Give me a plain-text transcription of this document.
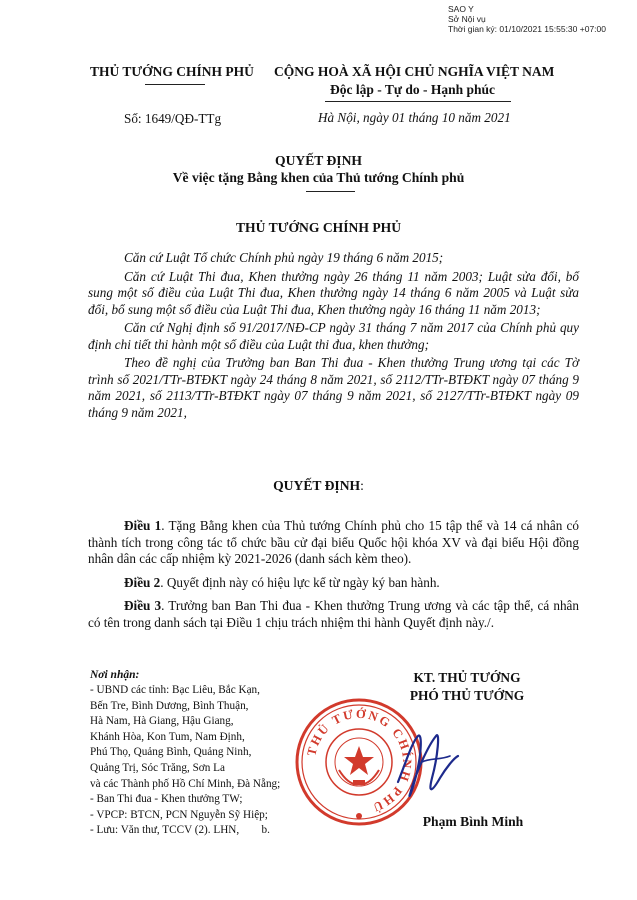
SAO Y
Sở Nội vụ
Thời gian ký: 01/10/2021 15:55:30 +07:00
THỦ TƯỚNG CHÍNH PHỦ CỘNG HOÀ XÃ HỘI CHỦ NGHĨA VIỆT NAM
Độc lập - Tự do - Hạnh phúc
Số: 1649/QĐ-TTg	Hà Nội, ngày 01 tháng 10 năm 2021
QUYẾT ĐỊNH
Về việc tặng Bằng khen của Thủ tướng Chính phủ
THỦ TƯỚNG CHÍNH PHỦ
Căn cứ Luật Tổ chức Chính phủ ngày 19 tháng 6 năm 2015;
Căn cứ Luật Thi đua, Khen thưởng ngày 26 tháng 11 năm 2003; Luật sửa đổi, bổ sung một số điều của Luật Thi đua, Khen thưởng ngày 14 tháng 6 năm 2005 và Luật sửa đổi, bổ sung một số điều của Luật Thi đua, Khen thưởng ngày 16 tháng 11 năm 2013;
Căn cứ Nghị định số 91/2017/NĐ-CP ngày 31 tháng 7 năm 2017 của Chính phủ quy định chi tiết thi hành một số điều của Luật thi đua, khen thưởng;
Theo đề nghị của Trưởng ban Ban Thi đua - Khen thưởng Trung ương tại các Tờ trình số 2021/TTr-BTĐKT ngày 24 tháng 8 năm 2021, số 2112/TTr-BTĐKT ngày 07 tháng 9 năm 2021, số 2113/TTr-BTĐKT ngày 07 tháng 9 năm 2021, số 2127/TTr-BTĐKT ngày 09 tháng 9 năm 2021,
QUYẾT ĐỊNH:
Điều 1. Tặng Bằng khen của Thủ tướng Chính phủ cho 15 tập thể và 14 cá nhân có thành tích trong công tác tổ chức bầu cử đại biểu Quốc hội khóa XV và đại biểu Hội đồng nhân dân các cấp nhiệm kỳ 2021-2026 (danh sách kèm theo).
Điều 2. Quyết định này có hiệu lực kể từ ngày ký ban hành.
Điều 3. Trưởng ban Ban Thi đua - Khen thưởng Trung ương và các tập thể, cá nhân có tên trong danh sách tại Điều 1 chịu trách nhiệm thi hành Quyết định này./.
Nơi nhận:
- UBND các tỉnh: Bạc Liêu, Bắc Kạn,
Bến Tre, Bình Dương, Bình Thuận,
Hà Nam, Hà Giang, Hậu Giang,
Khánh Hòa, Kon Tum, Nam Định,
Phú Thọ, Quảng Bình, Quảng Ninh,
Quảng Trị, Sóc Trăng, Sơn La
và các Thành phố Hồ Chí Minh, Đà Nẵng;
- Ban Thi đua - Khen thưởng TW;
- VPCP: BTCN, PCN Nguyễn Sỹ Hiệp;
- Lưu: Văn thư, TCCV (2). LHN,        b.
KT. THỦ TƯỚNG
PHÓ THỦ TƯỚNG
THỦ TƯỚNG CHÍNH PHỦ
Phạm Bình Minh
